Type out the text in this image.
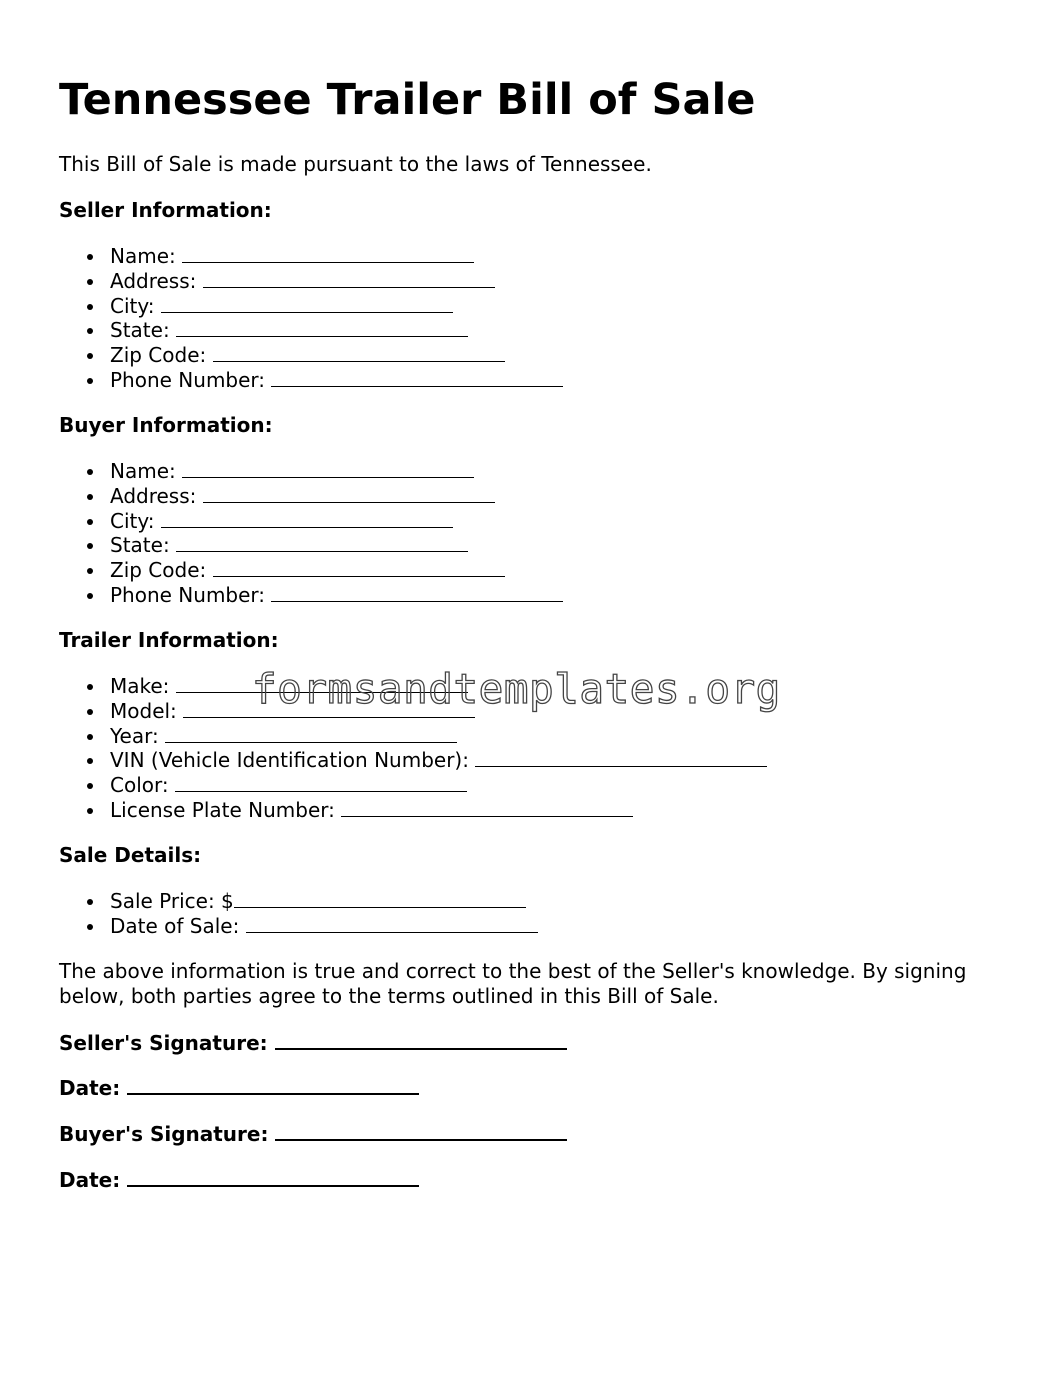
Tennessee Trailer Bill of Sale

This Bill of Sale is made pursuant to the laws of Tennessee.

Seller Information:
Name:
Address:
City:
State:
Zip Code:
Phone Number:
Buyer Information:
Name:
Address:
City:
State:
Zip Code:
Phone Number:
Trailer Information:
Make:
Model:
Year:
VIN (Vehicle Identification Number):
Color:
License Plate Number:
Sale Details:
Sale Price: $
Date of Sale:

The above information is true and correct to the best of the Seller's knowledge. By signing below, both parties agree to the terms outlined in this Bill of Sale.

Seller's Signature:
Date:
Buyer's Signature:
Date:
formsandtemplates.org
